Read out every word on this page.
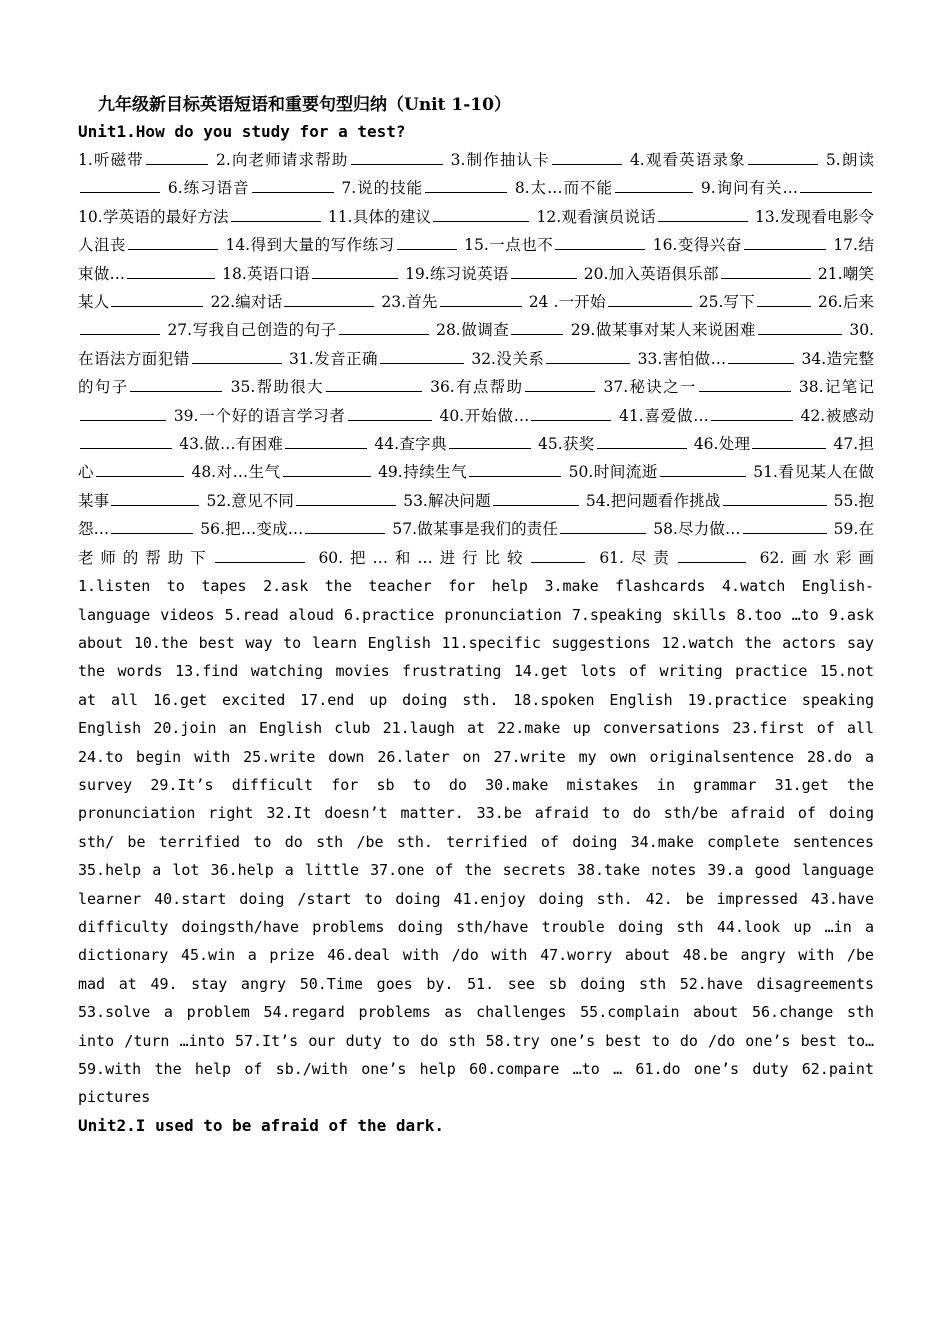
九年级新目标英语短语和重要句型归纳（Unit 1-10）

Unit1.How do you study for a test?

1.听磁带	2.向老师请求帮助	3.制作抽认卡	4.观看英语录象	5.朗读 6.练习语音	7.说的技能	8.太…而不能	9.询问有关… 10.学英语的最好方法	11.具体的建议	12.观看演员说话	13.发现看电影令人沮丧	14.得到大量的写作练习	15.一点也不	16.变得兴奋	17.结束做…	18.英语口语	19.练习说英语	20.加入英语俱乐部	21.嘲笑某人	22.编对话	23.首先	24 .一开始	25.写下	26.后来 27.写我自己创造的句子	28.做调查	29.做某事对某人来说困难	30.在语法方面犯错	31.发音正确	32.没关系	33.害怕做…	34.造完整的句子	35.帮助很大	36.有点帮助	37.秘诀之一	38.记笔记 39.一个好的语言学习者	40.开始做…	41.喜爱做…	42.被感动 43.做…有困难	44.查字典	45.获奖	46.处理	47.担心	48.对…生气	49.持续生气	50.时间流逝	51.看见某人在做某事	52.意见不同	53.解决问题	54.把问题看作挑战	55.抱怨…	56.把…变成…	57.做某事是我们的责任	58.尽力做…	59.在老师的帮助下	60.把…和…进行比较	61.尽责	62.画水彩画

1.listen to tapes 2.ask the teacher for help 3.make flashcards 4.watch English-language videos 5.read aloud 6.practice pronunciation 7.speaking skills 8.too …to 9.ask about 10.the best way to learn English 11.specific suggestions 12.watch the actors say the words 13.find watching movies frustrating 14.get lots of writing practice 15.not at all 16.get excited 17.end up doing sth. 18.spoken English 19.practice speaking English 20.join an English club 21.laugh at 22.make up conversations 23.first of all 24.to begin with 25.write down 26.later on 27.write my own originalsentence 28.do a survey 29.It’s difficult for sb to do 30.make mistakes in grammar 31.get the pronunciation right 32.It doesn’t matter. 33.be afraid to do sth/be afraid of doing sth/ be terrified to do sth /be sth. terrified of doing 34.make complete sentences 35.help a lot 36.help a little 37.one of the secrets 38.take notes 39.a good language learner 40.start doing /start to doing 41.enjoy doing sth. 42. be impressed 43.have difficulty doingsth/have problems doing sth/have trouble doing sth 44.look up …in a dictionary 45.win a prize 46.deal with /do with 47.worry about 48.be angry with /be mad at 49. stay angry 50.Time goes by. 51. see sb doing sth 52.have disagreements 53.solve a problem 54.regard problems as challenges 55.complain about 56.change sth into /turn …into 57.It’s our duty to do sth 58.try one’s best to do /do one’s best to… 59.with the help of sb./with one’s help 60.compare …to … 61.do one’s duty 62.paint pictures

Unit2.I used to be afraid of the dark.
